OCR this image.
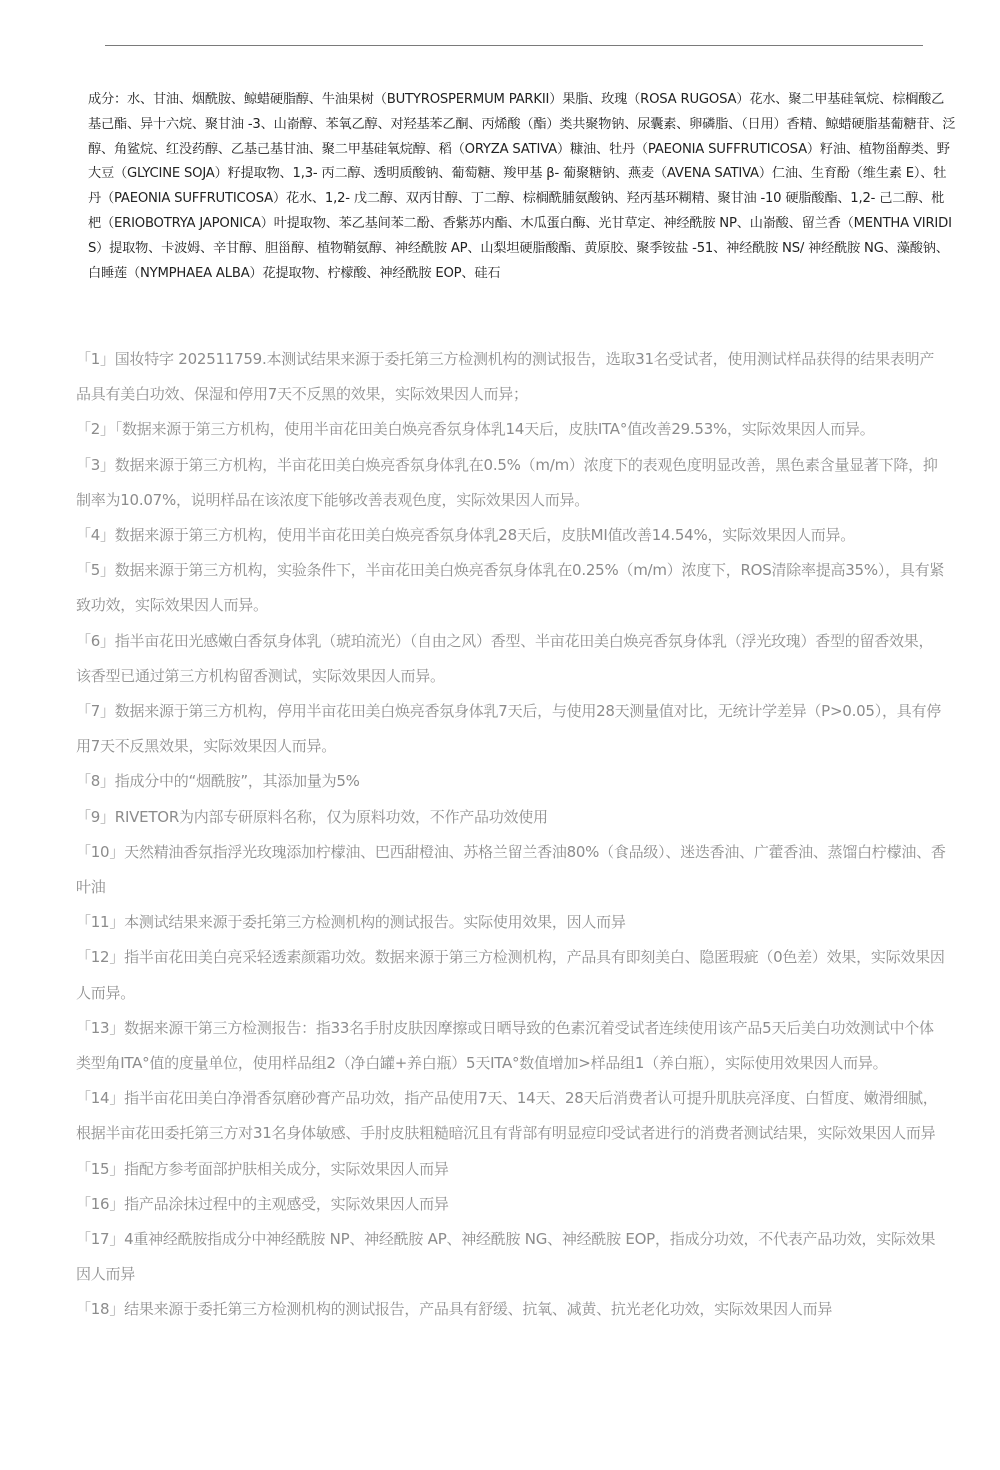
成分：水、甘油、烟酰胺、鲸蜡硬脂醇、牛油果树（BUTYROSPERMUM PARKII）果脂、玫瑰（ROSA RUGOSA）花水、聚二甲基硅氧烷、棕榈酸乙基己酯、异十六烷、聚甘油 -3、山嵛醇、苯氧乙醇、对羟基苯乙酮、丙烯酸（酯）类共聚物钠、尿囊素、卵磷脂、（日用）香精、鲸蜡硬脂基葡糖苷、泛醇、角鲨烷、红没药醇、乙基己基甘油、聚二甲基硅氧烷醇、稻（ORYZA SATIVA）糠油、牡丹（PAEONIA SUFFRUTICOSA）籽油、植物甾醇类、野大豆（GLYCINE SOJA）籽提取物、1,3- 丙二醇、透明质酸钠、葡萄糖、羧甲基 β- 葡聚糖钠、燕麦（AVENA SATIVA）仁油、生育酚（维生素 E）、牡丹（PAEONIA SUFFRUTICOSA）花水、1,2- 戊二醇、双丙甘醇、丁二醇、棕榈酰脯氨酸钠、羟丙基环糊精、聚甘油 -10 硬脂酸酯、1,2- 己二醇、枇杷（ERIOBOTRYA JAPONICA）叶提取物、苯乙基间苯二酚、香紫苏内酯、木瓜蛋白酶、光甘草定、神经酰胺 NP、山嵛酸、留兰香（MENTHA VIRIDIS）提取物、卡波姆、辛甘醇、胆甾醇、植物鞘氨醇、神经酰胺 AP、山梨坦硬脂酸酯、黄原胶、聚季铵盐 -51、神经酰胺 NS/ 神经酰胺 NG、藻酸钠、白睡莲（NYMPHAEA ALBA）花提取物、柠檬酸、神经酰胺 EOP、硅石
「1」国妆特字 202511759.本测试结果来源于委托第三方检测机构的测试报告，选取31名受试者，使用测试样品获得的结果表明产品具有美白功效、保湿和停用7天不反黑的效果，实际效果因人而异；
「2」「数据来源于第三方机构，使用半亩花田美白焕亮香氛身体乳14天后，皮肤ITA°值改善29.53%，实际效果因人而异。
「3」数据来源于第三方机构，半亩花田美白焕亮香氛身体乳在0.5%（m/m）浓度下的表观色度明显改善，黑色素含量显著下降，抑制率为10.07%，说明样品在该浓度下能够改善表观色度，实际效果因人而异。
「4」数据来源于第三方机构，使用半亩花田美白焕亮香氛身体乳28天后，皮肤MI值改善14.54%，实际效果因人而异。
「5」数据来源于第三方机构，实验条件下，半亩花田美白焕亮香氛身体乳在0.25%（m/m）浓度下，ROS清除率提高35%），具有紧致功效，实际效果因人而异。
「6」指半亩花田光感嫩白香氛身体乳（琥珀流光）（自由之风）香型、半亩花田美白焕亮香氛身体乳（浮光玫瑰）香型的留香效果，该香型已通过第三方机构留香测试，实际效果因人而异。
「7」数据来源于第三方机构，停用半亩花田美白焕亮香氛身体乳7天后，与使用28天测量值对比，无统计学差异（P>0.05），具有停用7天不反黑效果，实际效果因人而异。
「8」指成分中的“烟酰胺”，其添加量为5%
「9」RIVETOR为内部专研原料名称，仅为原料功效，不作产品功效使用
「10」天然精油香氛指浮光玫瑰添加柠檬油、巴西甜橙油、苏格兰留兰香油80%（食品级）、迷迭香油、广藿香油、蒸馏白柠檬油、香叶油
「11」本测试结果来源于委托第三方检测机构的测试报告。实际使用效果，因人而异
「12」指半亩花田美白亮采轻透素颜霜功效。数据来源于第三方检测机构，产品具有即刻美白、隐匿瑕疵（0色差）效果，实际效果因人而异。
「13」数据来源干第三方检测报告：指33名手肘皮肤因摩擦或日晒导致的色素沉着受试者连续使用该产品5天后美白功效测试中个体类型角ITA°值的度量单位，使用样品组2（净白罐+养白瓶）5天ITA°数值增加>样品组1（养白瓶），实际使用效果因人而异。
「14」指半亩花田美白净滑香氛磨砂膏产品功效，指产品使用7天、14天、28天后消费者认可提升肌肤亮泽度、白皙度、嫩滑细腻，根据半亩花田委托第三方对31名身体敏感、手肘皮肤粗糙暗沉且有背部有明显痘印受试者进行的消费者测试结果，实际效果因人而异
「15」指配方参考面部护肤相关成分，实际效果因人而异
「16」指产品涂抹过程中的主观感受，实际效果因人而异
「17」4重神经酰胺指成分中神经酰胺 NP、神经酰胺 AP、神经酰胺 NG、神经酰胺 EOP，指成分功效，不代表产品功效，实际效果因人而异
「18」结果来源于委托第三方检测机构的测试报告，产品具有舒缓、抗氧、减黄、抗光老化功效，实际效果因人而异
